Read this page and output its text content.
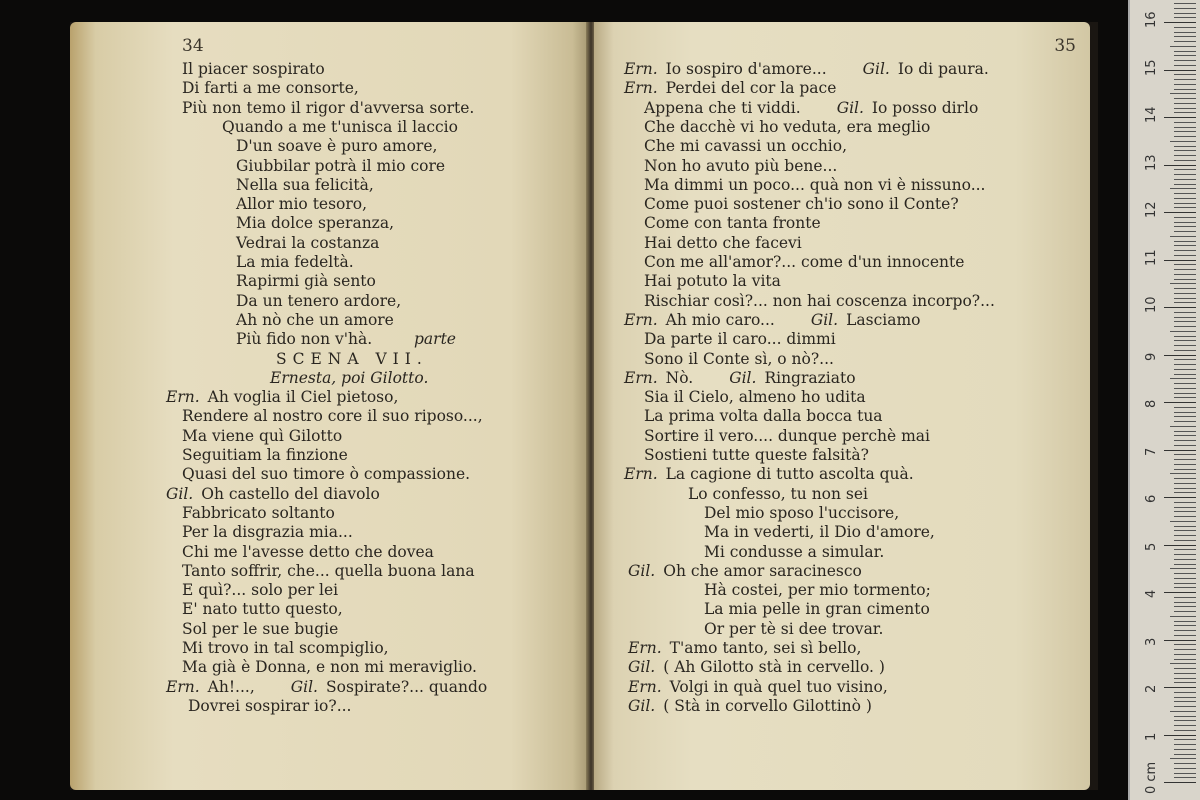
34
Il piacer sospirato
Di farti a me consorte,
Più non temo il rigor d'avversa sorte.
Quando a me t'unisca il laccio
D'un soave è puro amore,
Giubbilar potrà il mio core
Nella sua felicità,
Allor mio tesoro,
Mia dolce speranza,
Vedrai la costanza
La mia fedeltà.
Rapirmi già sento
Da un tenero ardore,
Ah nò che un amore
Più fido non v'hà.	parte
SCENA VII.
Ernesta, poi Gilotto.
Ern. Ah voglia il Ciel pietoso,
Rendere al nostro core il suo riposo...,
Ma viene quì Gilotto
Seguitiam la finzione
Quasi del suo timore ò compassione.
Gil. Oh castello del diavolo
Fabbricato soltanto
Per la disgrazia mia...
Chi me l'avesse detto che dovea
Tanto soffrir, che... quella buona lana
E quì?... solo per lei
E' nato tutto questo,
Sol per le sue bugie
Mi trovo in tal scompiglio,
Ma già è Donna, e non mi meraviglio.
Ern. Ah!..., Gil. Sospirate?... quando
Dovrei sospirar io?...
35
Ern. Io sospiro d'amore... Gil. Io di paura.
Ern. Perdei del cor la pace
Appena che ti viddi. Gil. Io posso dirlo
Che dacchè vi ho veduta, era meglio
Che mi cavassi un occhio,
Non ho avuto più bene...
Ma dimmi un poco... quà non vi è nissuno...
Come puoi sostener ch'io sono il Conte?
Come con tanta fronte
Hai detto che facevi
Con me all'amor?... come d'un innocente
Hai potuto la vita
Rischiar così?... non hai coscenza incorpo?...
Ern. Ah mio caro... Gil. Lasciamo
Da parte il caro... dimmi
Sono il Conte sì, o nò?...
Ern. Nò. Gil. Ringraziato
Sia il Cielo, almeno ho udita
La prima volta dalla bocca tua
Sortire il vero.... dunque perchè mai
Sostieni tutte queste falsità?
Ern. La cagione di tutto ascolta quà.
Lo confesso, tu non sei
Del mio sposo l'uccisore,
Ma in vederti, il Dio d'amore,
Mi condusse a simular.
Gil. Oh che amor saracinesco
Hà costei, per mio tormento;
La mia pelle in gran cimento
Or per tè si dee trovar.
Ern. T'amo tanto, sei sì bello,
Gil. ( Ah Gilotto stà in cervello. )
Ern. Volgi in quà quel tuo visino,
Gil. ( Stà in corvello Gilottinò )
0 cm
1
2
3
4
5
6
7
8
9
10
11
12
13
14
15
16
